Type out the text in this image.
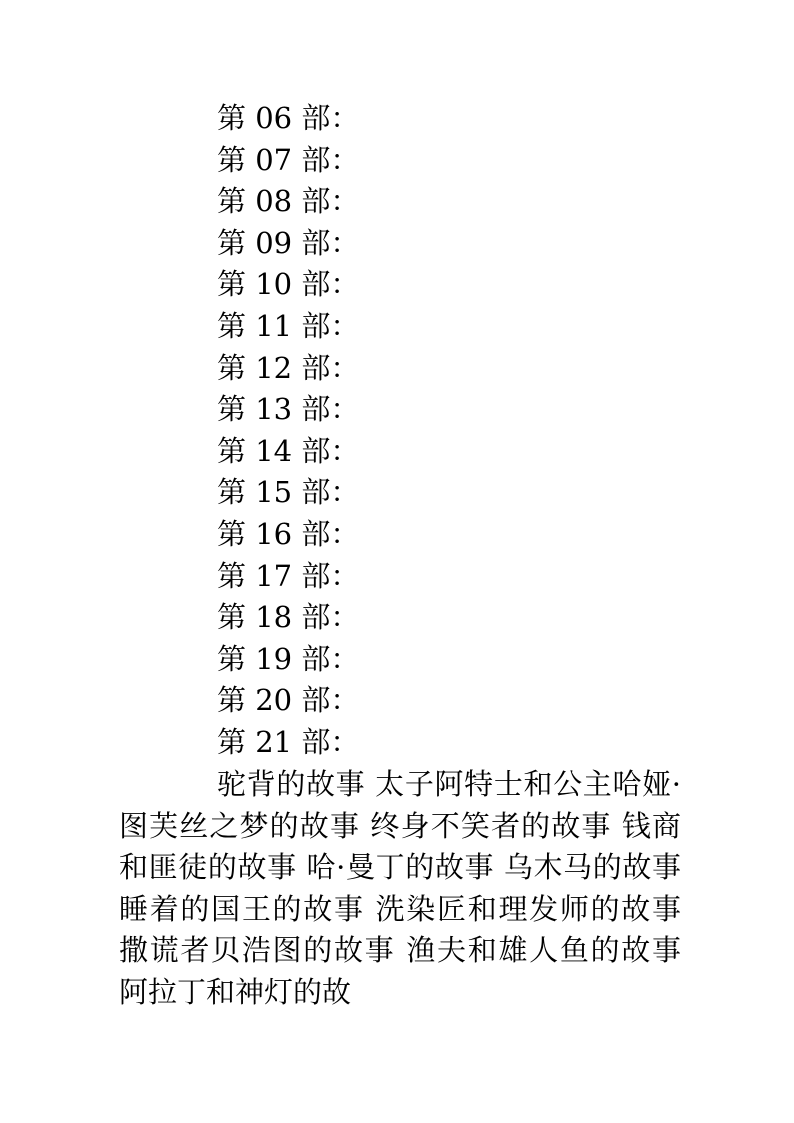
第 06 部：
第 07 部：
第 08 部：
第 09 部：
第 10 部：
第 11 部：
第 12 部：
第 13 部：
第 14 部：
第 15 部：
第 16 部：
第 17 部：
第 18 部：
第 19 部：
第 20 部：
第 21 部：

驼背的故事 太子阿特士和公主哈娅·图芙丝之梦的故事 终身不笑者的故事 钱商和匪徒的故事 哈·曼丁的故事 乌木马的故事 睡着的国王的故事 洗染匠和理发师的故事 撒谎者贝浩图的故事 渔夫和雄人鱼的故事 阿拉丁和神灯的故
